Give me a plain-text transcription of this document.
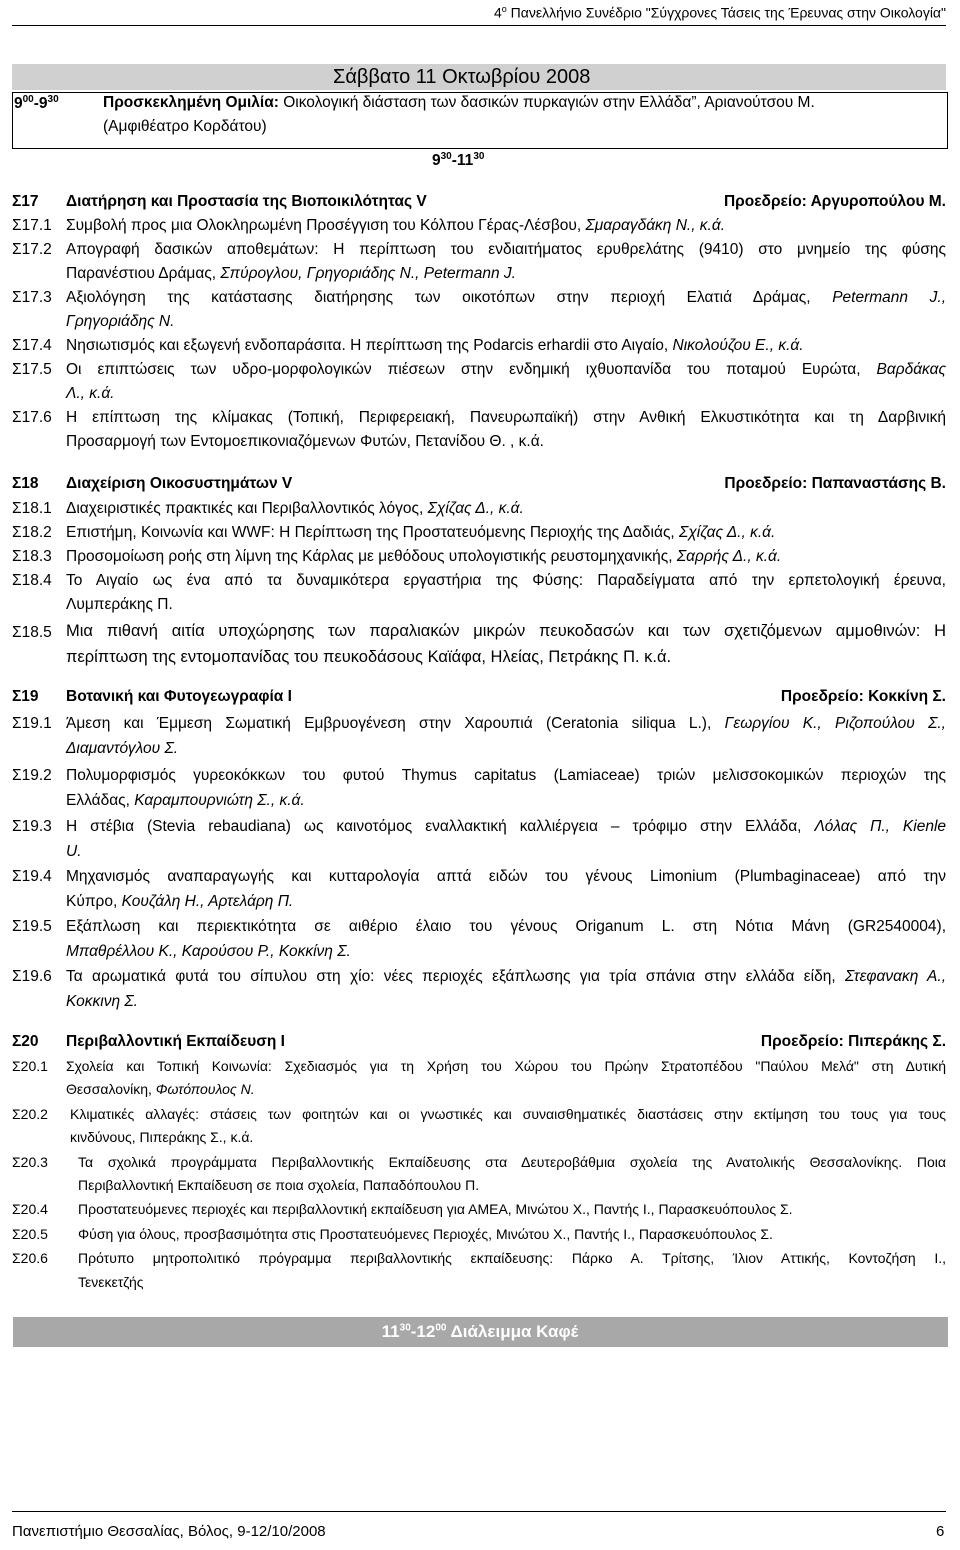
$4^o$ Πανελλήνιο Συνέδριο "Σύγχρονες Τάσεις της Έρευνας στην Οικολογία"
Σάββατο 11 Οκτωβρίου 2008
$9^{00}-9^{30}$	Προσκεκλημένη Ομιλία: Οικολογική διάσταση των δασικών πυρκαγιών στην Ελλάδα”, Αριανούτσου Μ.
(Αμφιθέατρο Κορδάτου)
$9^{30}-11^{30}$
Σ17 Διατήρηση και Προστασία της Βιοποικιλότητας V	Προεδρείο: Αργυροπούλου Μ.
Σ17.1 Συμβολή προς μια Ολοκληρωμένη Προσέγγιση του Κόλπου Γέρας-Λέσβου, Σμαραγδάκη Ν., κ.ά.
Σ17.2 Απογραφή δασικών αποθεμάτων: Η περίπτωση του ενδιαιτήματος ερυθρελάτης (9410) στο μνημείο της φύσης
Παρανέστιου Δράμας, Σπύρογλου, Γρηγοριάδης Ν., Petermann J.
Σ17.3 Αξιολόγηση της κατάστασης διατήρησης των οικοτόπων στην περιοχή Ελατιά Δράμας, Petermann J.,
Γρηγοριάδης Ν.
Σ17.4 Νησιωτισμός και εξωγενή ενδοπαράσιτα. Η περίπτωση της Podarcis erhardii στο Αιγαίο, Νικολούζου Ε., κ.ά.
Σ17.5 Οι επιπτώσεις των υδρο-μορφολογικών πιέσεων στην ενδημική ιχθυοπανίδα του ποταμού Ευρώτα, Βαρδάκας
Λ., κ.ά.
Σ17.6 Η επίπτωση της κλίμακας (Τοπική, Περιφερειακή, Πανευρωπαϊκή) στην Ανθική Ελκυστικότητα και τη Δαρβινική
Προσαρμογή των Εντομοεπικονιαζόμενων Φυτών, Πετανίδου Θ. , κ.ά.
Σ18 Διαχείριση Οικοσυστημάτων V	Προεδρείο: Παπαναστάσης Β.
Σ18.1 Διαχειριστικές πρακτικές και Περιβαλλοντικός λόγος, Σχίζας Δ., κ.ά.
Σ18.2 Επιστήμη, Κοινωνία και WWF: Η Περίπτωση της Προστατευόμενης Περιοχής της Δαδιάς, Σχίζας Δ., κ.ά.
Σ18.3 Προσομοίωση ροής στη λίμνη της Κάρλας με μεθόδους υπολογιστικής ρευστομηχανικής, Σαρρής Δ., κ.ά.
Σ18.4 Το Αιγαίο ως ένα από τα δυναμικότερα εργαστήρια της Φύσης: Παραδείγματα από την ερπετολογική έρευνα,
Λυμπεράκης Π.
Σ18.5 Μια πιθανή αιτία υποχώρησης των παραλιακών μικρών πευκοδασών και των σχετιζόμενων αμμοθινών: Η
περίπτωση της εντομοπανίδας του πευκοδάσους Καϊάφα, Ηλείας, Πετράκης Π. κ.ά.
Σ19 Βοτανική και Φυτογεωγραφία Ι	Προεδρείο: Κοκκίνη Σ.
Σ19.1 Άμεση και Έμμεση Σωματική Εμβρυογένεση στην Χαρουπιά (Ceratonia siliqua L.), Γεωργίου Κ., Ριζοπούλου Σ.,
Διαμαντόγλου Σ.
Σ19.2 Πολυμορφισμός γυρεοκόκκων του φυτού Thymus capitatus (Lamiaceae) τριών μελισσοκομικών περιοχών της
Ελλάδας, Καραμπουρνιώτη Σ., κ.ά.
Σ19.3 Η στέβια (Stevia rebaudiana) ως καινοτόμος εναλλακτική καλλιέργεια – τρόφιμο στην Ελλάδα, Λόλας Π., Kienle
U.
Σ19.4 Μηχανισμός αναπαραγωγής και κυτταρολογία απτά ειδών του γένους Limonium (Plumbaginaceae) από την
Κύπρο, Κουζάλη Η., Αρτελάρη Π.
Σ19.5 Εξάπλωση και περιεκτικότητα σε αιθέριο έλαιο του γένους Origanum L. στη Νότια Μάνη (GR2540004),
Μπαθρέλλου Κ., Καρούσου Ρ., Κοκκίνη Σ.
Σ19.6 Τα αρωματικά φυτά του σίπυλου στη χίο: νέες περιοχές εξάπλωσης για τρία σπάνια στην ελλάδα είδη, Στεφανακη Α.,
Κοκκινη Σ.
Σ20 Περιβαλλοντική Εκπαίδευση Ι	Προεδρείο: Πιπεράκης Σ.
Σ20.1 Σχολεία και Τοπική Κοινωνία: Σχεδιασμός για τη Χρήση του Χώρου του Πρώην Στρατοπέδου "Παύλου Μελά" στη Δυτική
Θεσσαλονίκη, Φωτόπουλος Ν.
Σ20.2 Κλιματικές αλλαγές: στάσεις των φοιτητών και οι γνωστικές και συναισθηματικές διαστάσεις στην εκτίμηση του τους για τους
κινδύνους, Πιπεράκης Σ., κ.ά.
Σ20.3 Τα σχολικά προγράμματα Περιβαλλοντικής Εκπαίδευσης στα Δευτεροβάθμια σχολεία της Ανατολικής Θεσσαλονίκης. Ποια
Περιβαλλοντική Εκπαίδευση σε ποια σχολεία, Παπαδόπουλου Π.
Σ20.4 Προστατευόμενες περιοχές και περιβαλλοντική εκπαίδευση για ΑΜΕΑ, Μινώτου Χ., Παντής Ι., Παρασκευόπουλος Σ.
Σ20.5 Φύση για όλους, προσβασιμότητα στις Προστατευόμενες Περιοχές, Μινώτου Χ., Παντής Ι., Παρασκευόπουλος Σ.
Σ20.6 Πρότυπο μητροπολιτικό πρόγραμμα περιβαλλοντικής εκπαίδευσης: Πάρκο Α. Τρίτσης, Ίλιον Αττικής, Κοντοζήση Ι.,
Τενεκετζής
$11^{30}-12^{00}$ Διάλειμμα Καφέ
Πανεπιστήμιο Θεσσαλίας, Βόλος, 9-12/10/2008	6
